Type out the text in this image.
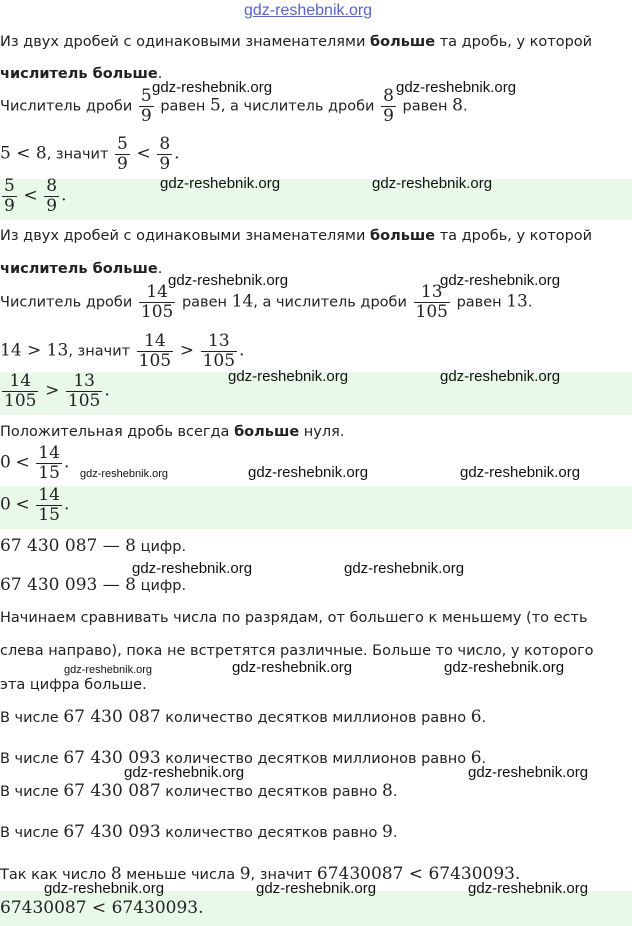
gdz-reshebnik.org
Из двух дробей с одинаковыми знаменателями больше та дробь, у которой
числитель больше.
Числитель дроби $\frac{5}{9}$ равен 5, а числитель дроби $\frac{8}{9}$ равен 8.
5 < 8, значит $\frac{5}{9} < \frac{8}{9}$ .
$\frac{5}{9} < \frac{8}{9}$ .
Из двух дробей с одинаковыми знаменателями больше та дробь, у которой
числитель больше.
Числитель дроби $\frac{14}{105}$ равен 14, а числитель дроби $\frac{13}{105}$ равен 13.
14 > 13, значит $\frac{14}{105} > \frac{13}{105}$ .
$\frac{14}{105} > \frac{13}{105}$ .
Положительная дробь всегда больше нуля.
$0 < \frac{14}{15}$ .
$0 < \frac{14}{15}$ .
67 430 087 — 8 цифр.
67 430 093 — 8 цифр.
Начинаем сравнивать числа по разрядам, от большего к меньшему (то есть
слева направо), пока не встретятся различные. Больше то число, у которого
эта цифра больше.
В числе 67 430 087 количество десятков миллионов равно 6.
В числе 67 430 093 количество десятков миллионов равно 6.
В числе 67 430 087 количество десятков равно 8.
В числе 67 430 093 количество десятков равно 9.
Так как число 8 меньше числа 9, значит 67430087 < 67430093.
67430087 < 67430093.
gdz-reshebnik.org	gdz-reshebnik.org
gdz-reshebnik.org	gdz-reshebnik.org
gdz-reshebnik.org	gdz-reshebnik.org
gdz-reshebnik.org	gdz-reshebnik.org
gdz-reshebnik.org	gdz-reshebnik.org	gdz-reshebnik.org
gdz-reshebnik.org	gdz-reshebnik.org
gdz-reshebnik.org	gdz-reshebnik.org	gdz-reshebnik.org
gdz-reshebnik.org	gdz-reshebnik.org
gdz-reshebnik.org	gdz-reshebnik.org	gdz-reshebnik.org
